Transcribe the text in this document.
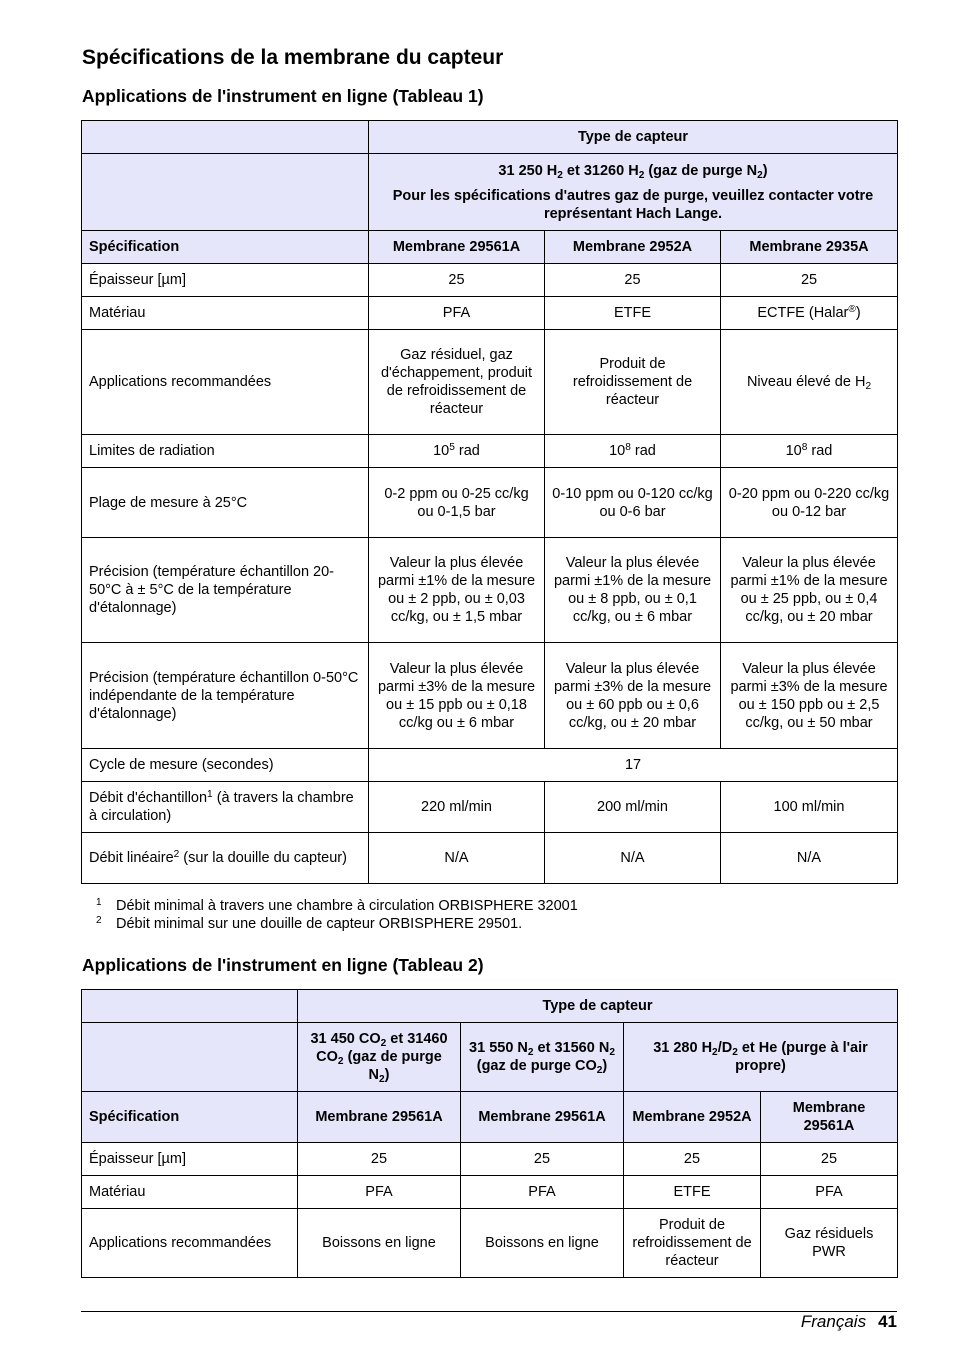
Spécifications de la membrane du capteur
Applications de l'instrument en ligne (Tableau 1)
	Type de capteur		

	31 250 $H_2$ et 31260 $H_2$ (gaz de purge $N_2$)
Pour les spécifications d'autres gaz de purge, veuillez contacter votre représentant Hach Lange.		

Spécification	Membrane 29561A	Membrane 2952A	Membrane 2935A
Épaisseur [µm]	25	25	25
Matériau	PFA	ETFE	ECTFE (Halar®)
Applications recommandées	Gaz résiduel, gaz d'échappement, produit de refroidissement de réacteur	Produit de refroidissement de réacteur	Niveau élevé de $H_2$
Limites de radiation	$10^5$ rad	$10^8$ rad	$10^8$ rad
Plage de mesure à 25°C	0-2 ppm ou 0-25 cc/kg ou 0-1,5 bar	0-10 ppm ou 0-120 cc/kg ou 0-6 bar	0-20 ppm ou 0-220 cc/kg ou 0-12 bar
Précision (température échantillon 20-50°C à ± 5°C de la température d'étalonnage)	Valeur la plus élevée parmi ±1% de la mesure ou ± 2 ppb, ou ± 0,03 cc/kg, ou ± 1,5 mbar	Valeur la plus élevée parmi ±1% de la mesure ou ± 8 ppb, ou ± 0,1 cc/kg, ou ± 6 mbar	Valeur la plus élevée parmi ±1% de la mesure ou ± 25 ppb, ou ± 0,4 cc/kg, ou ± 20 mbar
Précision (température échantillon 0-50°C indépendante de la température d'étalonnage)	Valeur la plus élevée parmi ±3% de la mesure ou ± 15 ppb ou ± 0,18 cc/kg ou ± 6 mbar	Valeur la plus élevée parmi ±3% de la mesure ou ± 60 ppb ou ± 0,6 cc/kg, ou ± 20 mbar	Valeur la plus élevée parmi ±3% de la mesure ou ± 150 ppb ou ± 2,5 cc/kg, ou ± 50 mbar
Cycle de mesure (secondes)	17		
Débit d'échantillon$^1$ (à travers la chambre à circulation)	220 ml/min	200 ml/min	100 ml/min
Débit linéaire$^2$ (sur la douille du capteur)	N/A	N/A	N/A
1 Débit minimal à travers une chambre à circulation ORBISPHERE 32001
2 Débit minimal sur une douille de capteur ORBISPHERE 29501.
Applications de l'instrument en ligne (Tableau 2)
	Type de capteur			
	31 450 $CO_2$ et 31460 $CO_2$ (gaz de purge $N_2$)	31 550 $N_2$ et 31560 $N_2$ (gaz de purge $CO_2$)	31 280 $H_2/D_2$ et He (purge à l'air propre)	
Spécification	Membrane 29561A	Membrane 29561A	Membrane 2952A	Membrane 29561A
Épaisseur [µm]	25	25	25	25
Matériau	PFA	PFA	ETFE	PFA
Applications recommandées	Boissons en ligne	Boissons en ligne	Produit de refroidissement de réacteur	Gaz résiduels PWR
Français 41
